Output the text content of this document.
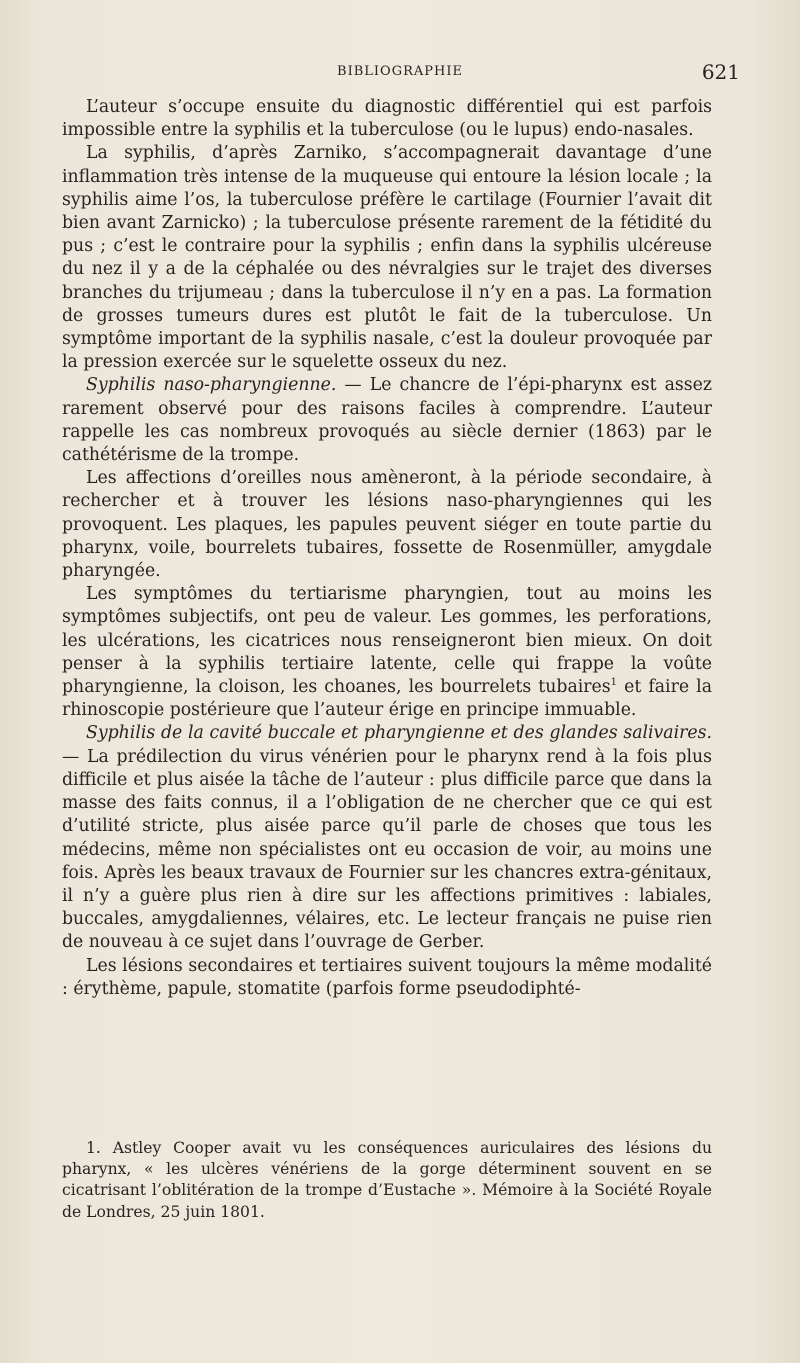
BIBLIOGRAPHIE	621

L’auteur s’occupe ensuite du diagnostic différentiel qui est parfois impossible entre la syphilis et la tuberculose (ou le lupus) endo-nasales.

La syphilis, d’après Zarniko, s’accompagnerait davantage d’une inflammation très intense de la muqueuse qui entoure la lésion locale ; la syphilis aime l’os, la tuberculose préfère le cartilage (Fournier l’avait dit bien avant Zarnicko) ; la tuberculose présente rarement de la fétidité du pus ; c’est le contraire pour la syphilis ; enfin dans la syphilis ulcéreuse du nez il y a de la céphalée ou des névralgies sur le trajet des diverses branches du trijumeau ; dans la tuberculose il n’y en a pas. La formation de grosses tumeurs dures est plutôt le fait de la tuberculose. Un symptôme important de la syphilis nasale, c’est la douleur provoquée par la pression exercée sur le squelette osseux du nez.

Syphilis naso-pharyngienne. — Le chancre de l’épi-pharynx est assez rarement observé pour des raisons faciles à comprendre. L’auteur rappelle les cas nombreux provoqués au siècle dernier (1863) par le cathétérisme de la trompe.

Les affections d’oreilles nous amèneront, à la période secondaire, à rechercher et à trouver les lésions naso-pharyngiennes qui les provoquent. Les plaques, les papules peuvent siéger en toute partie du pharynx, voile, bourrelets tubaires, fossette de Rosenmüller, amygdale pharyngée.

Les symptômes du tertiarisme pharyngien, tout au moins les symptômes subjectifs, ont peu de valeur. Les gommes, les perforations, les ulcérations, les cicatrices nous renseigneront bien mieux. On doit penser à la syphilis tertiaire latente, celle qui frappe la voûte pharyngienne, la cloison, les choanes, les bourrelets tubaires$^1$ et faire la rhinoscopie postérieure que l’auteur érige en principe immuable.

Syphilis de la cavité buccale et pharyngienne et des glandes salivaires. — La prédilection du virus vénérien pour le pharynx rend à la fois plus difficile et plus aisée la tâche de l’auteur : plus difficile parce que dans la masse des faits connus, il a l’obligation de ne chercher que ce qui est d’utilité stricte, plus aisée parce qu’il parle de choses que tous les médecins, même non spécialistes ont eu occasion de voir, au moins une fois. Après les beaux travaux de Fournier sur les chancres extra-génitaux, il n’y a guère plus rien à dire sur les affections primitives : labiales, buccales, amygdaliennes, vélaires, etc. Le lecteur français ne puise rien de nouveau à ce sujet dans l’ouvrage de Gerber.

Les lésions secondaires et tertiaires suivent toujours la même modalité : érythème, papule, stomatite (parfois forme pseudodiphté-

1. Astley Cooper avait vu les conséquences auriculaires des lésions du pharynx, « les ulcères vénériens de la gorge déterminent souvent en se cicatrisant l’oblitération de la trompe d’Eustache ». Mémoire à la Société Royale de Londres, 25 juin 1801.
